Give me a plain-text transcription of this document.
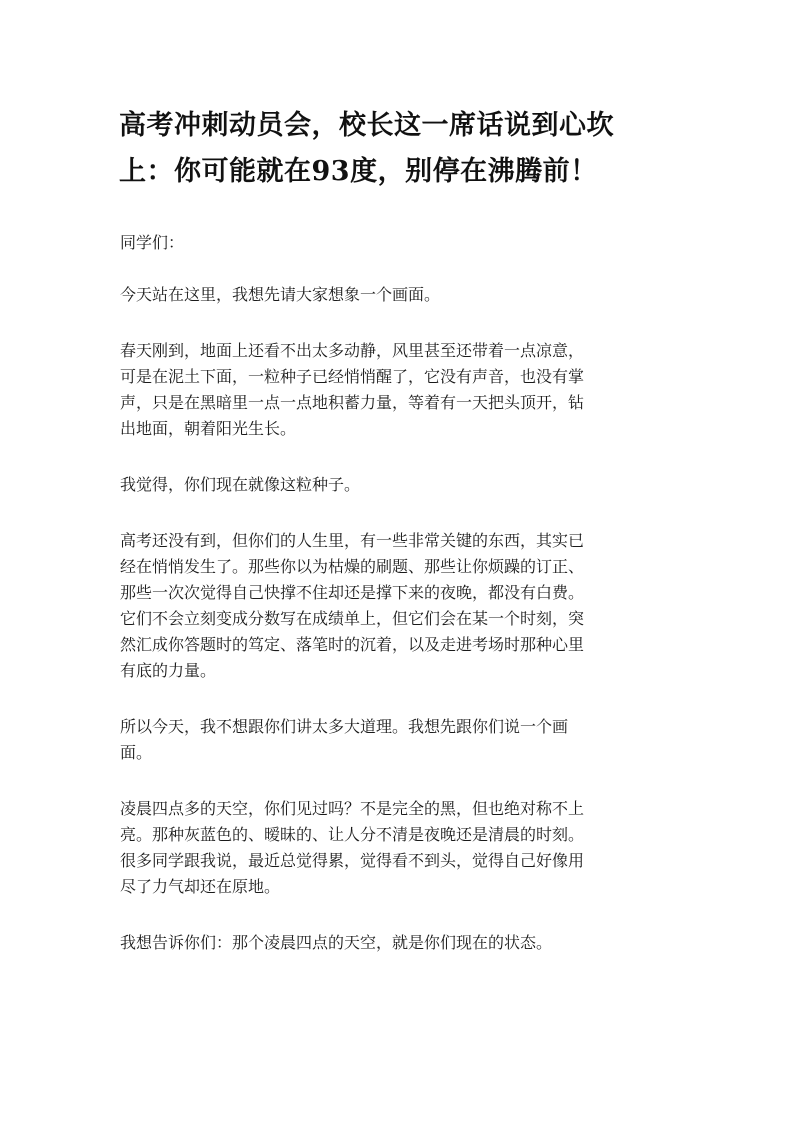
高考冲刺动员会，校长这一席话说到心坎
上：你可能就在93度，别停在沸腾前！

同学们：

今天站在这里，我想先请大家想象一个画面。

春天刚到，地面上还看不出太多动静，风里甚至还带着一点凉意，
可是在泥土下面，一粒种子已经悄悄醒了，它没有声音，也没有掌
声，只是在黑暗里一点一点地积蓄力量，等着有一天把头顶开，钻
出地面，朝着阳光生长。

我觉得，你们现在就像这粒种子。

高考还没有到，但你们的人生里，有一些非常关键的东西，其实已
经在悄悄发生了。那些你以为枯燥的刷题、那些让你烦躁的订正、
那些一次次觉得自己快撑不住却还是撑下来的夜晚，都没有白费。
它们不会立刻变成分数写在成绩单上，但它们会在某一个时刻，突
然汇成你答题时的笃定、落笔时的沉着，以及走进考场时那种心里
有底的力量。

所以今天，我不想跟你们讲太多大道理。我想先跟你们说一个画
面。

凌晨四点多的天空，你们见过吗？不是完全的黑，但也绝对称不上
亮。那种灰蓝色的、暧昧的、让人分不清是夜晚还是清晨的时刻。
很多同学跟我说，最近总觉得累，觉得看不到头，觉得自己好像用
尽了力气却还在原地。

我想告诉你们：那个凌晨四点的天空，就是你们现在的状态。
